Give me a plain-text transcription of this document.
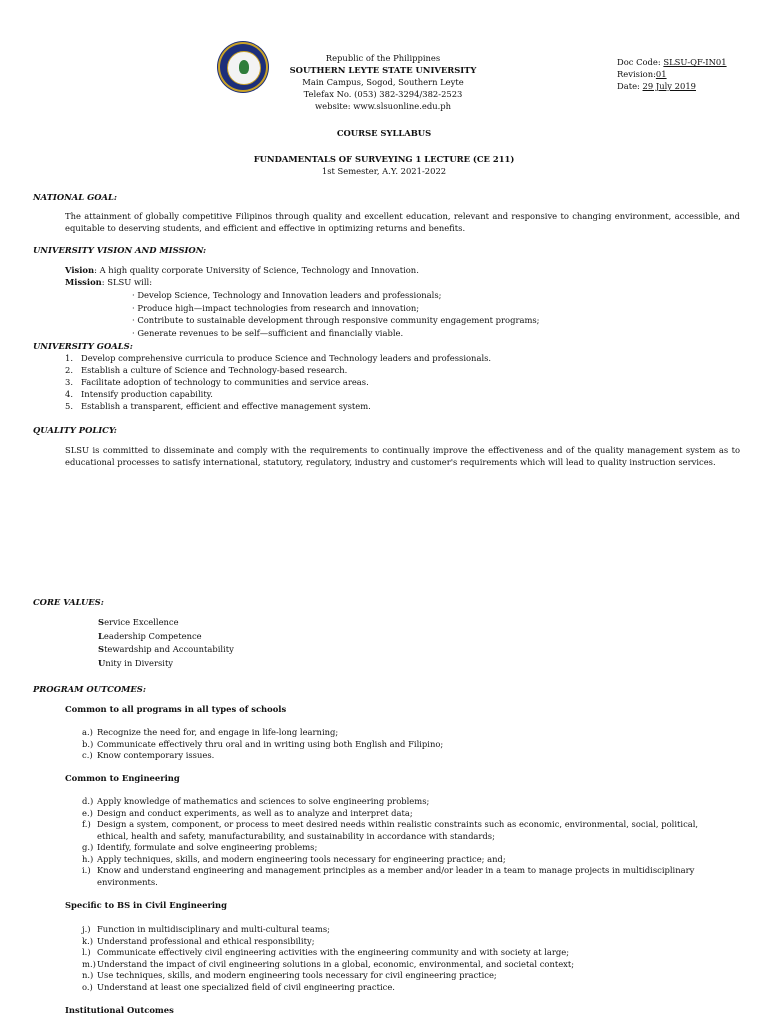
Republic of the Philippines
SOUTHERN LEYTE STATE UNIVERSITY
Main Campus, Sogod, Southern Leyte
Telefax No. (053) 382-3294/382-2523
website: www.slsuonline.edu.ph
Doc Code: SLSU-QF-IN01
Revision:01
Date: 29 July 2019
COURSE SYLLABUS
FUNDAMENTALS OF SURVEYING 1 LECTURE (CE 211)
1st Semester, A.Y. 2021-2022
NATIONAL GOAL:
The attainment of globally competitive Filipinos through quality and excellent education, relevant and responsive to changing environment, accessible, and equitable to deserving students, and efficient and effective in optimizing returns and benefits.
UNIVERSITY VISION AND MISSION:
Vision: A high quality corporate University of Science, Technology and Innovation.
Mission: SLSU will:
· Develop Science, Technology and Innovation leaders and professionals;
· Produce high—impact technologies from research and innovation;
· Contribute to sustainable development through responsive community engagement programs;
· Generate revenues to be self—sufficient and financially viable.
UNIVERSITY GOALS:
1. Develop comprehensive curricula to produce Science and Technology leaders and professionals.
2. Establish a culture of Science and Technology-based research.
3. Facilitate adoption of technology to communities and service areas.
4. Intensify production capability.
5. Establish a transparent, efficient and effective management system.
QUALITY POLICY:
SLSU is committed to disseminate and comply with the requirements to continually improve the effectiveness and of the quality management system as to educational processes to satisfy international, statutory, regulatory, industry and customer's requirements which will lead to quality instruction services.
CORE VALUES:
Service Excellence
Leadership Competence
Stewardship and Accountability
Unity in Diversity
PROGRAM OUTCOMES:
Common to all programs in all types of schools
a.) Recognize the need for, and engage in life-long learning;
b.) Communicate effectively thru oral and in writing using both English and Filipino;
c.) Know contemporary issues.
Common to Engineering
d.) Apply knowledge of mathematics and sciences to solve engineering problems;
e.) Design and conduct experiments, as well as to analyze and interpret data;
f.) Design a system, component, or process to meet desired needs within realistic constraints such as economic, environmental, social, political, ethical, health and safety, manufacturability, and sustainability in accordance with standards;
g.) Identify, formulate and solve engineering problems;
h.) Apply techniques, skills, and modern engineering tools necessary for engineering practice; and;
i.) Know and understand engineering and management principles as a member and/or leader in a team to manage projects in multidisciplinary environments.
Specific to BS in Civil Engineering
j.) Function in multidisciplinary and multi-cultural teams;
k.) Understand professional and ethical responsibility;
l.) Communicate effectively civil engineering activities with the engineering community and with society at large;
m.)Understand the impact of civil engineering solutions in a global, economic, environmental, and societal context;
n.) Use techniques, skills, and modern engineering tools necessary for civil engineering practice;
o.) Understand at least one specialized field of civil engineering practice.
Institutional Outcomes
